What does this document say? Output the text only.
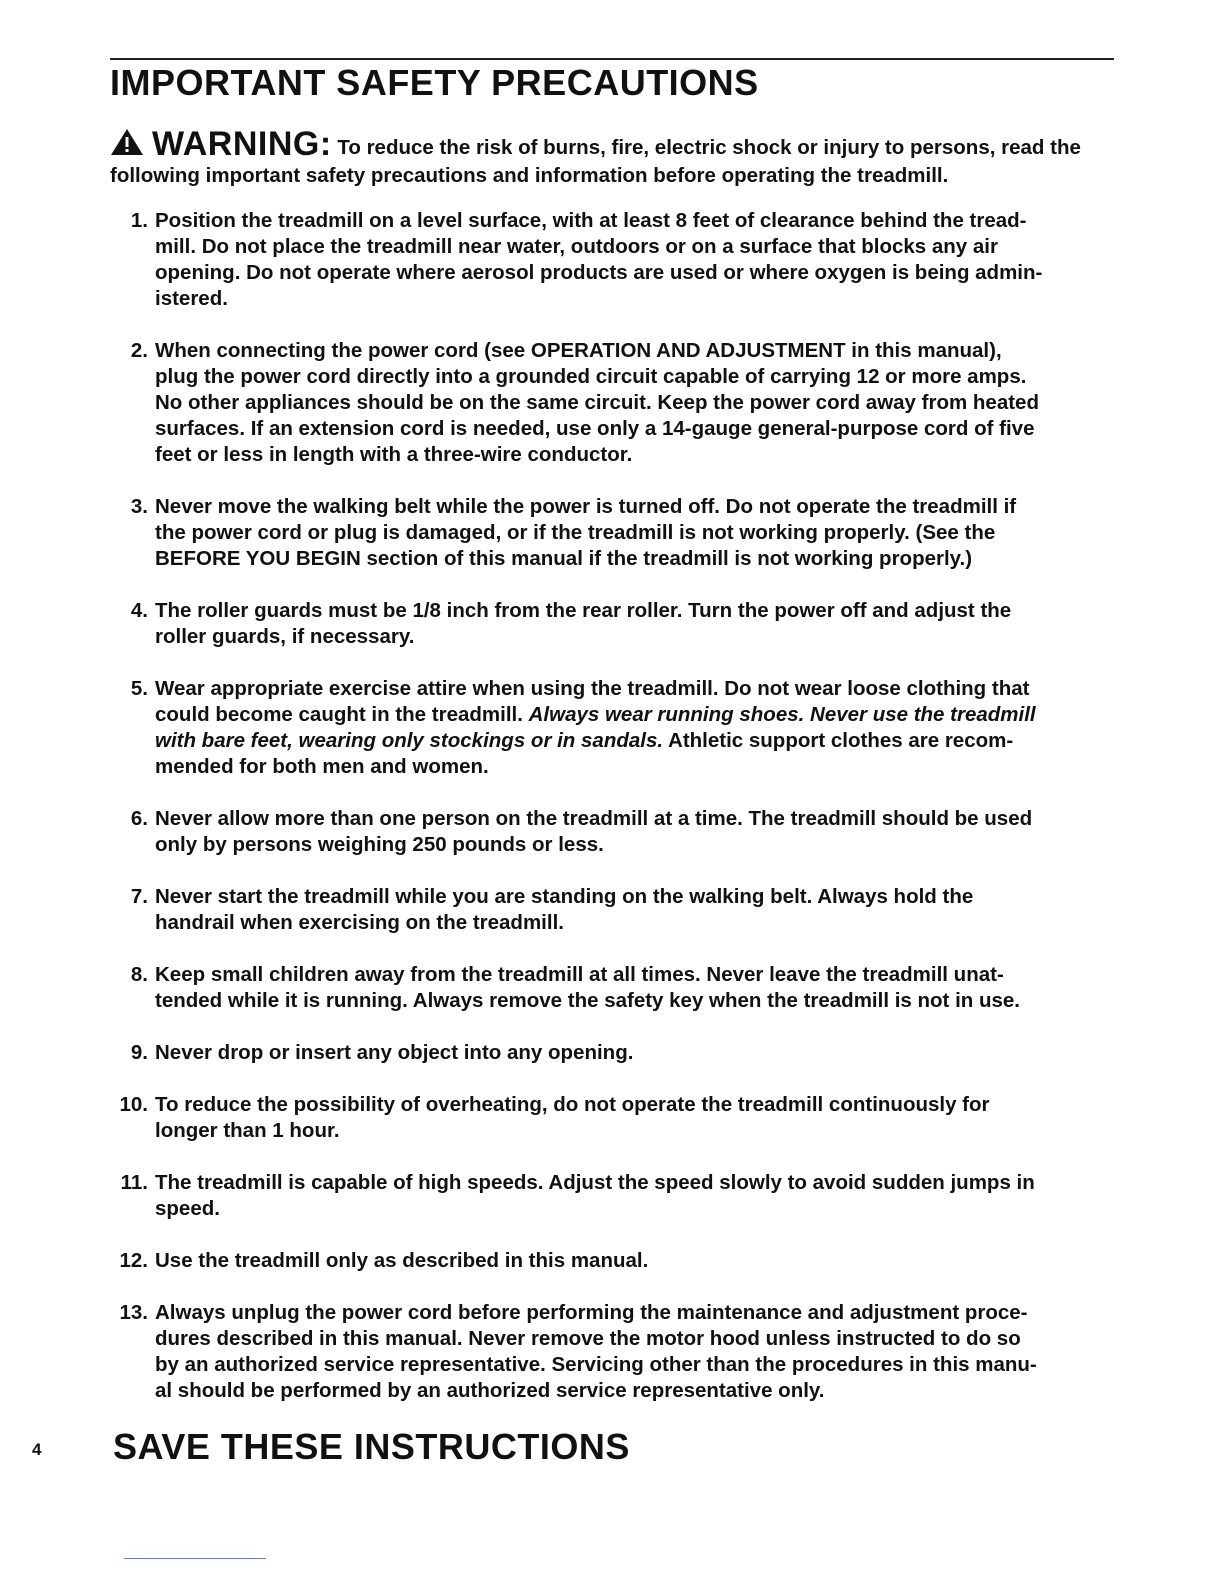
IMPORTANT SAFETY PRECAUTIONS
WARNING: To reduce the risk of burns, fire, electric shock or injury to persons, read the following important safety precautions and information before operating the treadmill.
1. Position the treadmill on a level surface, with at least 8 feet of clearance behind the tread-
mill. Do not place the treadmill near water, outdoors or on a surface that blocks any air
opening. Do not operate where aerosol products are used or where oxygen is being admin-
istered.
2. When connecting the power cord (see OPERATION AND ADJUSTMENT in this manual),
plug the power cord directly into a grounded circuit capable of carrying 12 or more amps.
No other appliances should be on the same circuit. Keep the power cord away from heated
surfaces. If an extension cord is needed, use only a 14-gauge general-purpose cord of five
feet or less in length with a three-wire conductor.
3. Never move the walking belt while the power is turned off. Do not operate the treadmill if
the power cord or plug is damaged, or if the treadmill is not working properly. (See the
BEFORE YOU BEGIN section of this manual if the treadmill is not working properly.)
4. The roller guards must be 1/8 inch from the rear roller. Turn the power off and adjust the
roller guards, if necessary.
5. Wear appropriate exercise attire when using the treadmill. Do not wear loose clothing that
could become caught in the treadmill. Always wear running shoes. Never use the treadmill
with bare feet, wearing only stockings or in sandals. Athletic support clothes are recom-
mended for both men and women.
6. Never allow more than one person on the treadmill at a time. The treadmill should be used
only by persons weighing 250 pounds or less.
7. Never start the treadmill while you are standing on the walking belt. Always hold the
handrail when exercising on the treadmill.
8. Keep small children away from the treadmill at all times. Never leave the treadmill unat-
tended while it is running. Always remove the safety key when the treadmill is not in use.
9. Never drop or insert any object into any opening.
10. To reduce the possibility of overheating, do not operate the treadmill continuously for
longer than 1 hour.
11. The treadmill is capable of high speeds. Adjust the speed slowly to avoid sudden jumps in
speed.
12. Use the treadmill only as described in this manual.
13. Always unplug the power cord before performing the maintenance and adjustment proce-
dures described in this manual. Never remove the motor hood unless instructed to do so
by an authorized service representative. Servicing other than the procedures in this manu-
al should be performed by an authorized service representative only.
4 SAVE THESE INSTRUCTIONS
